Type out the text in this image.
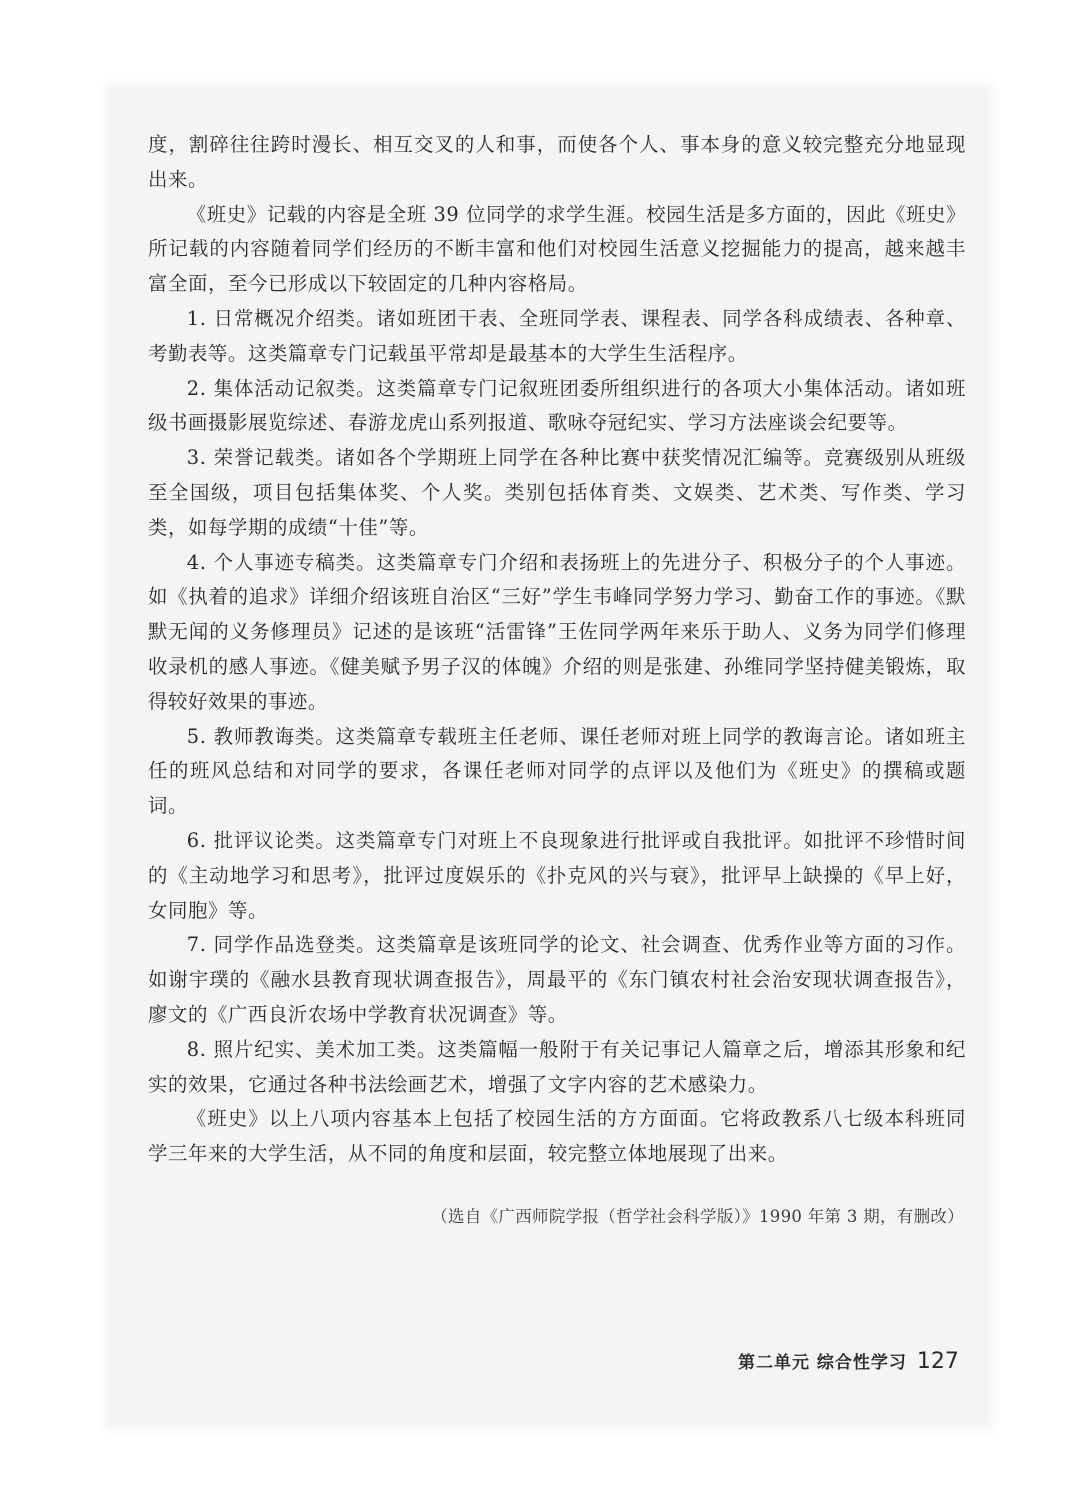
度，割碎往往跨时漫长、相互交叉的人和事，而使各个人、事本身的意义较完整充分地显现出来。

《班史》记载的内容是全班 39 位同学的求学生涯。校园生活是多方面的，因此《班史》所记载的内容随着同学们经历的不断丰富和他们对校园生活意义挖掘能力的提高，越来越丰富全面，至今已形成以下较固定的几种内容格局。

1. 日常概况介绍类。诸如班团干表、全班同学表、课程表、同学各科成绩表、各种章、考勤表等。这类篇章专门记载虽平常却是最基本的大学生生活程序。

2. 集体活动记叙类。这类篇章专门记叙班团委所组织进行的各项大小集体活动。诸如班级书画摄影展览综述、春游龙虎山系列报道、歌咏夺冠纪实、学习方法座谈会纪要等。

3. 荣誉记载类。诸如各个学期班上同学在各种比赛中获奖情况汇编等。竞赛级别从班级至全国级，项目包括集体奖、个人奖。类别包括体育类、文娱类、艺术类、写作类、学习类，如每学期的成绩“十佳”等。

4. 个人事迹专稿类。这类篇章专门介绍和表扬班上的先进分子、积极分子的个人事迹。如《执着的追求》详细介绍该班自治区“三好”学生韦峰同学努力学习、勤奋工作的事迹。《默默无闻的义务修理员》记述的是该班“活雷锋”王佐同学两年来乐于助人、义务为同学们修理收录机的感人事迹。《健美赋予男子汉的体魄》介绍的则是张建、孙维同学坚持健美锻炼，取得较好效果的事迹。

5. 教师教诲类。这类篇章专载班主任老师、课任老师对班上同学的教诲言论。诸如班主任的班风总结和对同学的要求，各课任老师对同学的点评以及他们为《班史》的撰稿或题词。

6. 批评议论类。这类篇章专门对班上不良现象进行批评或自我批评。如批评不珍惜时间的《主动地学习和思考》，批评过度娱乐的《扑克风的兴与衰》，批评早上缺操的《早上好，女同胞》等。

7. 同学作品选登类。这类篇章是该班同学的论文、社会调查、优秀作业等方面的习作。如谢宇璞的《融水县教育现状调查报告》，周最平的《东门镇农村社会治安现状调查报告》，廖文的《广西良沂农场中学教育状况调查》等。

8. 照片纪实、美术加工类。这类篇幅一般附于有关记事记人篇章之后，增添其形象和纪实的效果，它通过各种书法绘画艺术，增强了文字内容的艺术感染力。

《班史》以上八项内容基本上包括了校园生活的方方面面。它将政教系八七级本科班同学三年来的大学生活，从不同的角度和层面，较完整立体地展现了出来。

（选自《广西师院学报（哲学社会科学版）》1990 年第 3 期，有删改）
第二单元 综合性学习 127
